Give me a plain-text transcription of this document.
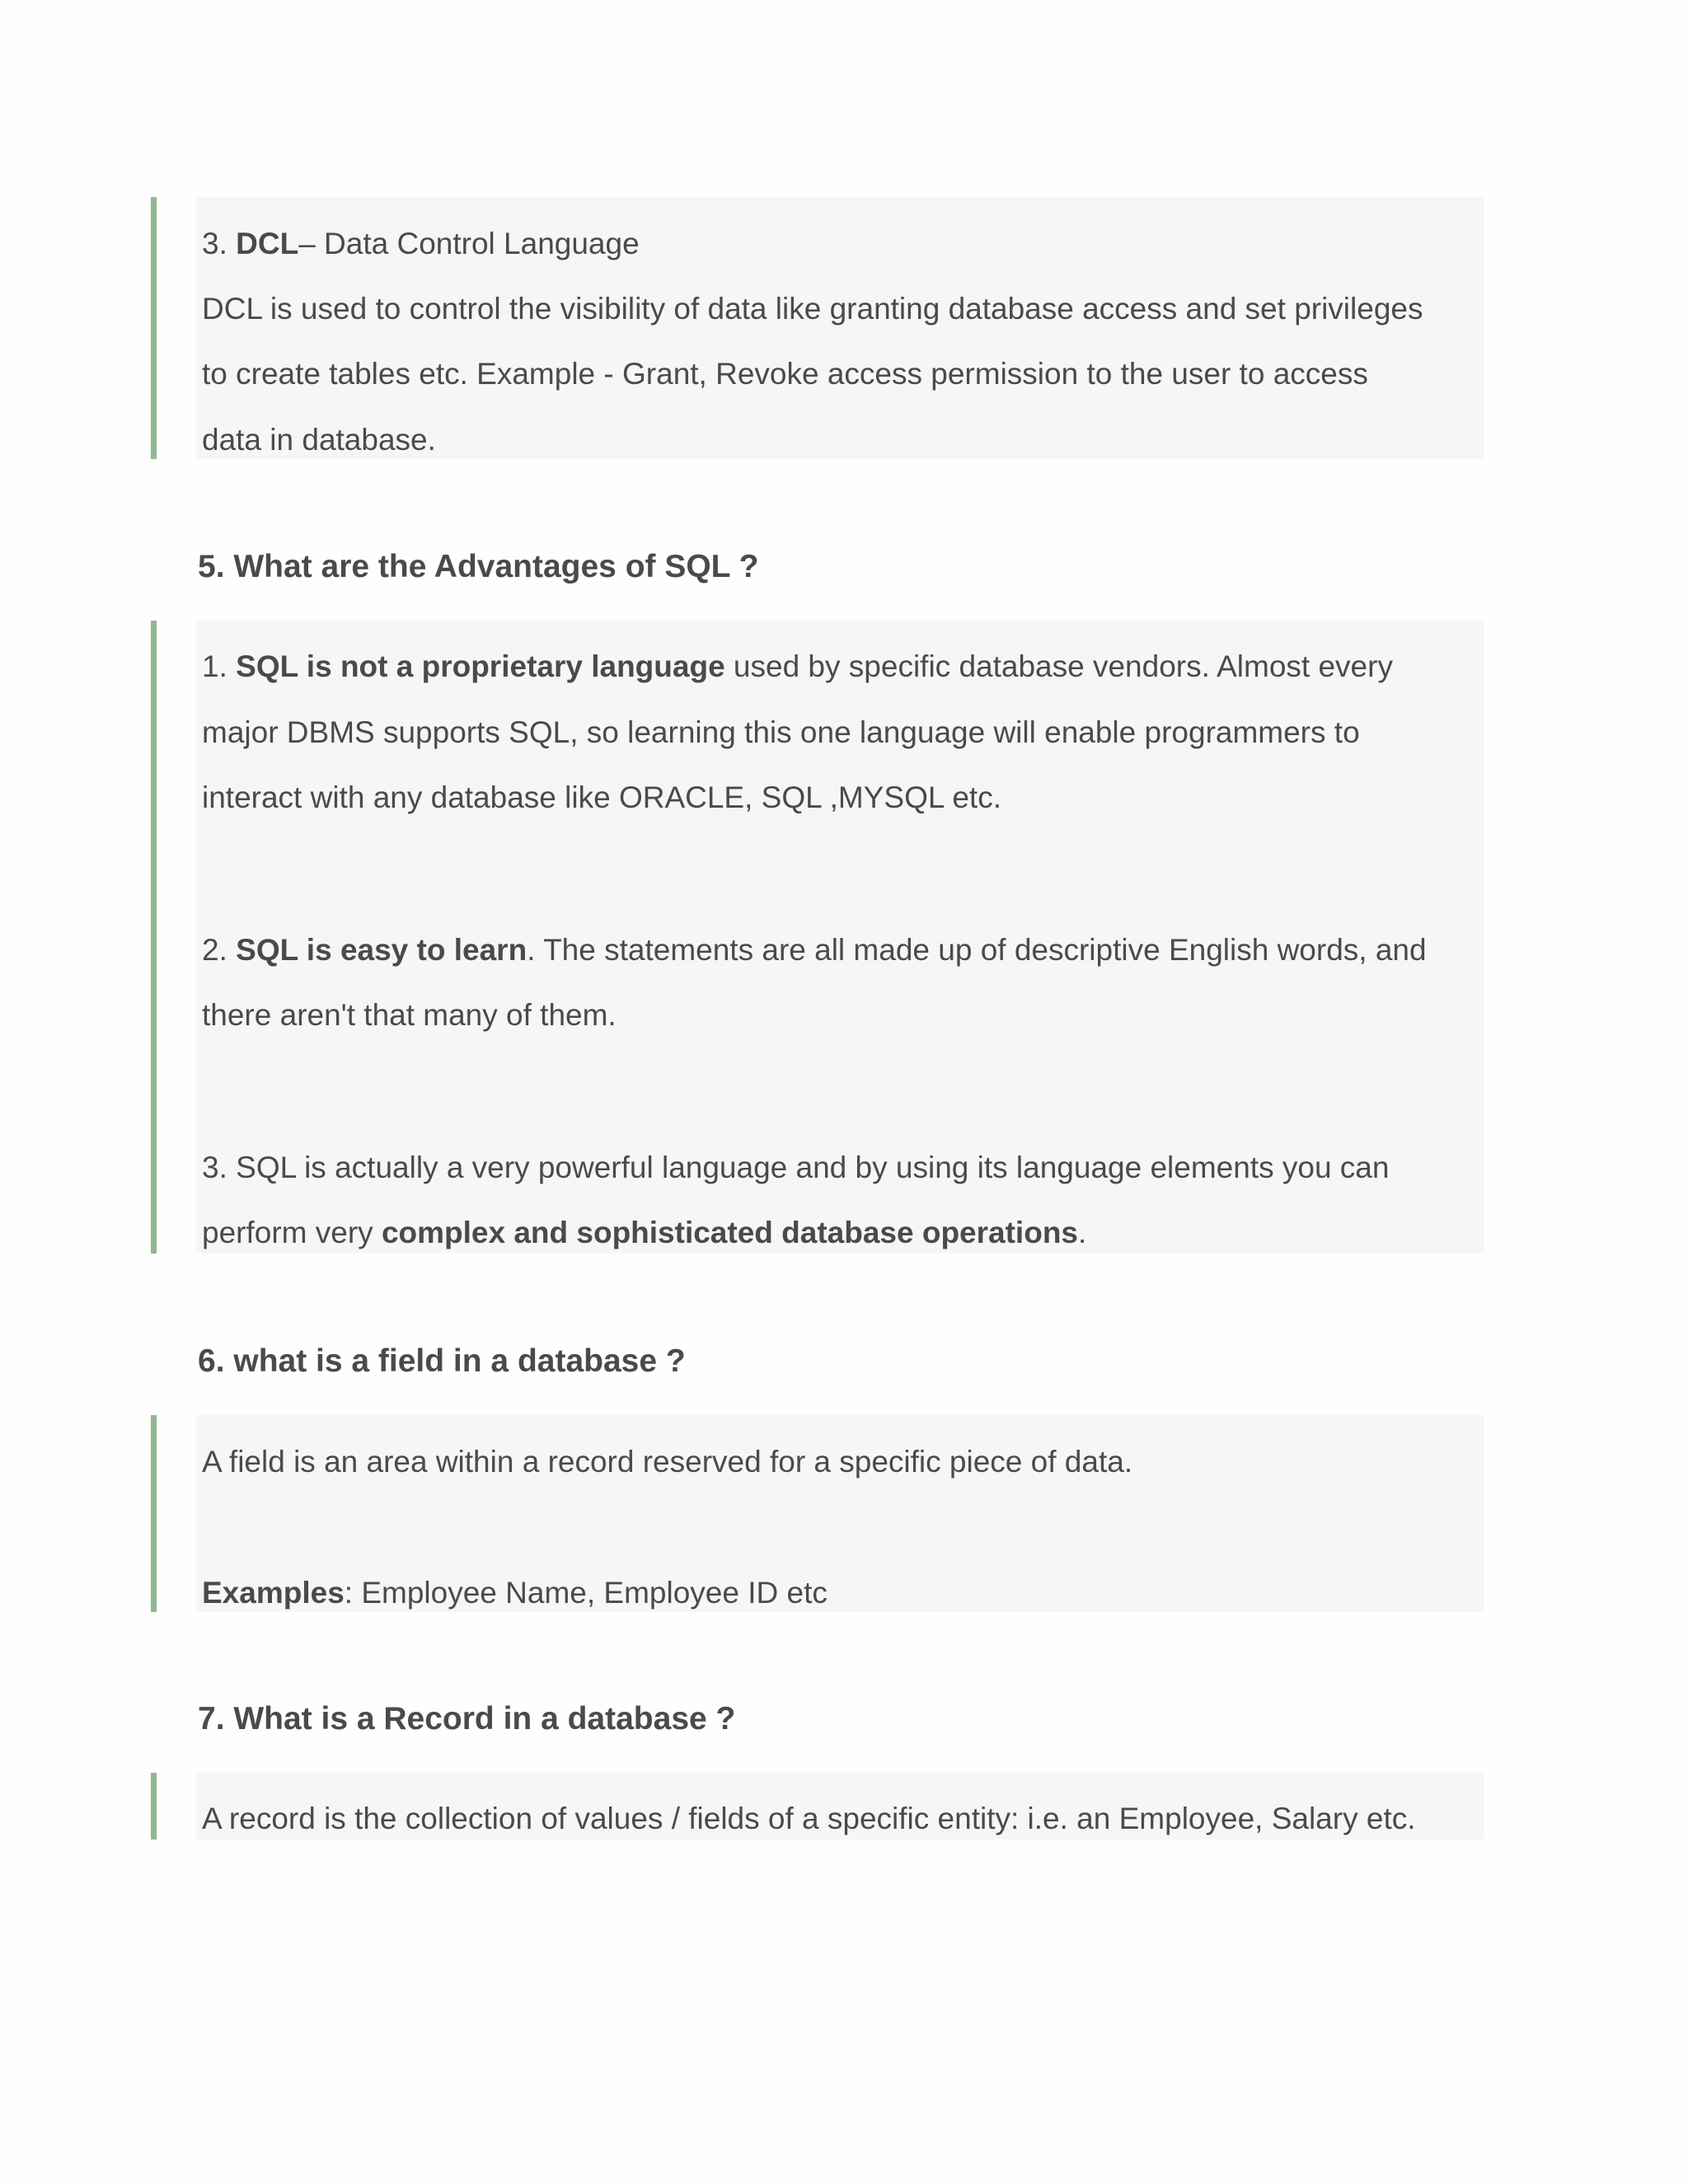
3. DCL– Data Control Language
DCL is used to control the visibility of data like granting database access and set privileges
to create tables etc. Example - Grant, Revoke access permission to the user to access
data in database.
5. What are the Advantages of SQL ?
1. SQL is not a proprietary language used by specific database vendors. Almost every
major DBMS supports SQL, so learning this one language will enable programmers to
interact with any database like ORACLE, SQL ,MYSQL etc.
2. SQL is easy to learn. The statements are all made up of descriptive English words, and
there aren't that many of them.
3. SQL is actually a very powerful language and by using its language elements you can
perform very complex and sophisticated database operations.
6. what is a field in a database ?
A field is an area within a record reserved for a specific piece of data.
Examples: Employee Name, Employee ID etc
7. What is a Record in a database ?
A record is the collection of values / fields of a specific entity: i.e. an Employee, Salary etc.
